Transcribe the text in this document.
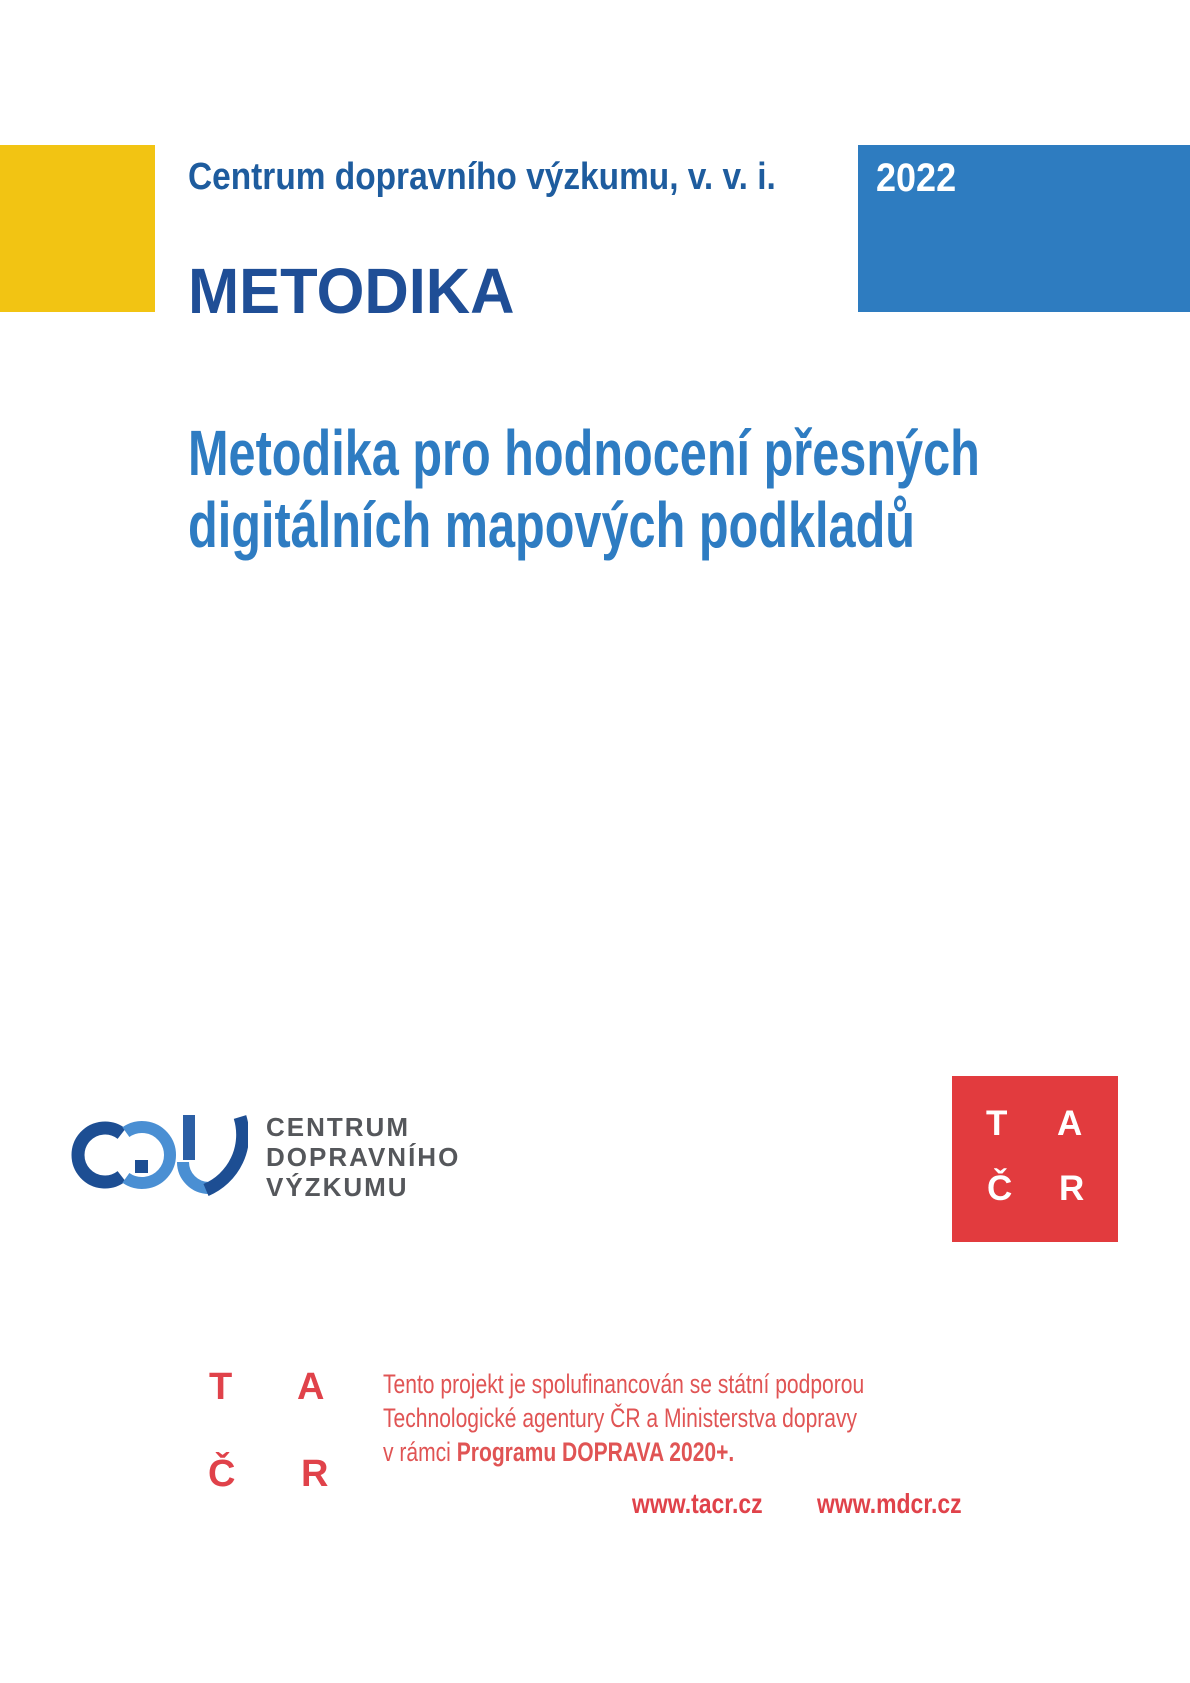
2022
Centrum dopravního výzkumu, v. v. i.
METODIKA
Metodika pro hodnocení přesných
digitálních mapových podkladů
CENTRUM
DOPRAVNÍHO
VÝZKUMU
T A
Č R
T A
Č R
Tento projekt je spolufinancován se státní podporou
Technologické agentury ČR a Ministerstva dopravy
v rámci Programu DOPRAVA 2020+.
www.tacr.cz www.mdcr.cz
